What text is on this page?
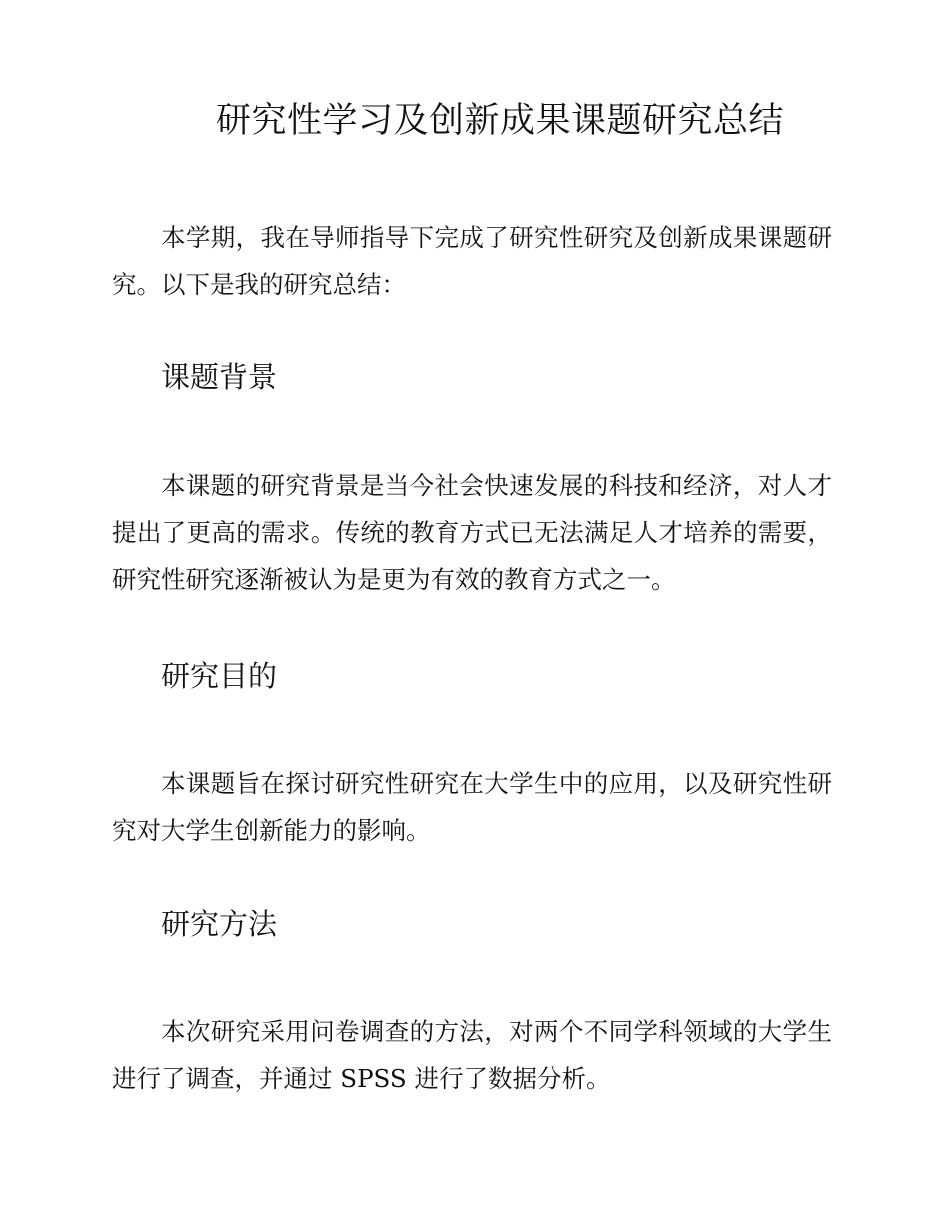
研究性学习及创新成果课题研究总结

本学期，我在导师指导下完成了研究性研究及创新成果课题研究。以下是我的研究总结：

课题背景

本课题的研究背景是当今社会快速发展的科技和经济，对人才提出了更高的需求。传统的教育方式已无法满足人才培养的需要，研究性研究逐渐被认为是更为有效的教育方式之一。

研究目的

本课题旨在探讨研究性研究在大学生中的应用，以及研究性研究对大学生创新能力的影响。

研究方法

本次研究采用问卷调查的方法，对两个不同学科领域的大学生进行了调查，并通过 SPSS 进行了数据分析。
